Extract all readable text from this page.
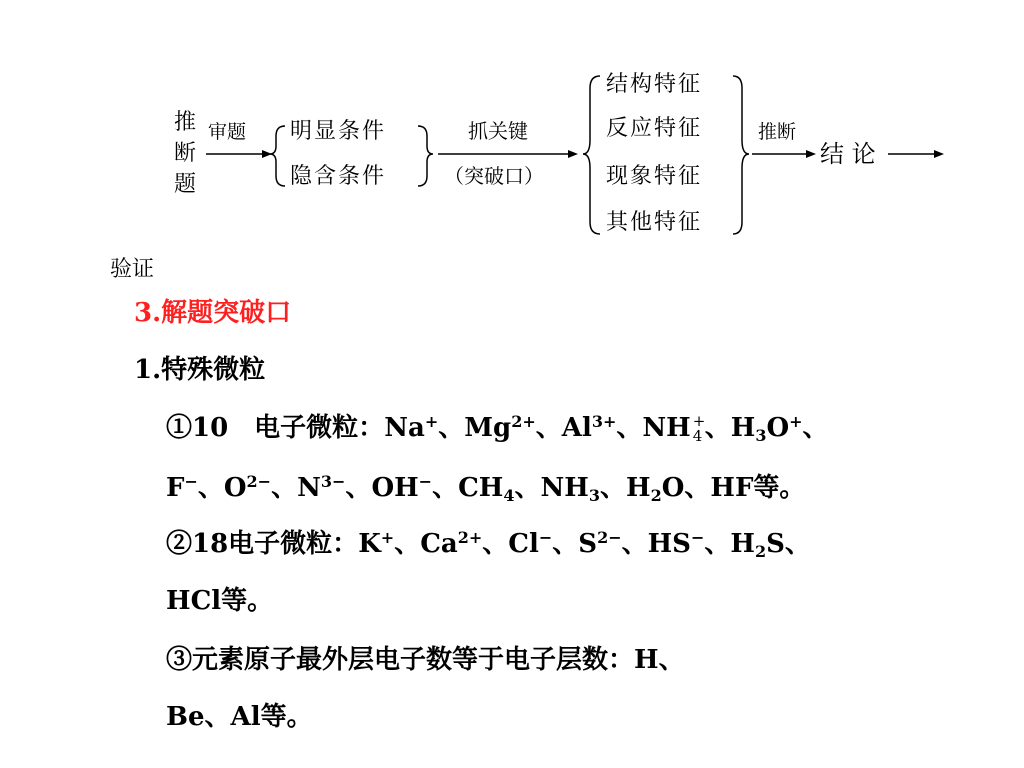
推
断
题
审题 明显条件
隐含条件
抓关键
（突破口）
结构特征
反应特征
现象特征
其他特征
推断
结 论
验证
3.解题突破口
1.特殊微粒
①10　电子微粒：Na+、$Mg^{2+}$、$Al^{3+}$、NH +
4 、$H_3O^+$、
F−、$O^{2-}$、$N^{3-}$、OH−、$CH_4$、$NH_3$、$H_2O$、HF等。
②18电子微粒：K+、$Ca^{2+}$、Cl−、$S^{2-}$、HS−、$H_2S$、
HCl等。
③元素原子最外层电子数等于电子层数：H、
Be、Al等。
